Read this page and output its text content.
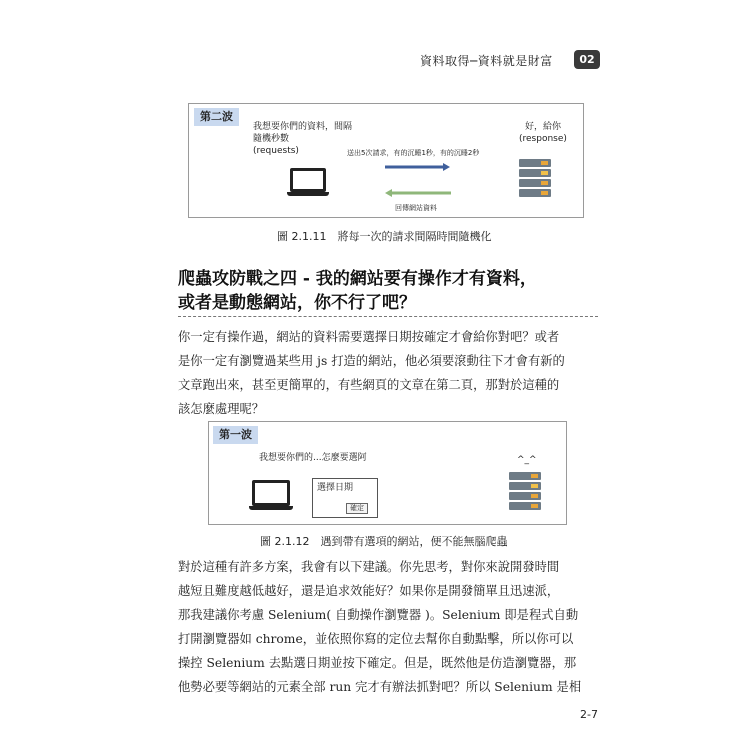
資料取得─資料就是財富	02
第二波
我想要你們的資料，間隔
隨機秒數
(requests)
好，給你
(response)
送出5次請求，有的沉睡1秒，有的沉睡2秒
回傳網站資料
圖 2.1.11　將每一次的請求間隔時間隨機化
爬蟲攻防戰之四 - 我的網站要有操作才有資料，
或者是動態網站，你不行了吧？
你一定有操作過，網站的資料需要選擇日期按確定才會給你對吧？或者
是你一定有瀏覽過某些用 js 打造的網站，他必須要滾動往下才會有新的
文章跑出來，甚至更簡單的，有些網頁的文章在第二頁，那對於這種的
該怎麼處理呢？
第一波
我想要你們的...怎麼要選阿	^_^
選擇日期
確定
圖 2.1.12　遇到帶有選項的網站，便不能無腦爬蟲
對於這種有許多方案，我會有以下建議。你先思考，對你來說開發時間
越短且難度越低越好，還是追求效能好？如果你是開發簡單且迅速派，
那我建議你考慮 Selenium( 自動操作瀏覽器 )。Selenium 即是程式自動
打開瀏覽器如 chrome，並依照你寫的定位去幫你自動點擊，所以你可以
操控 Selenium 去點選日期並按下確定。但是，既然他是仿造瀏覽器，那
他勢必要等網站的元素全部 run 完才有辦法抓對吧？所以 Selenium 是相
2-7
